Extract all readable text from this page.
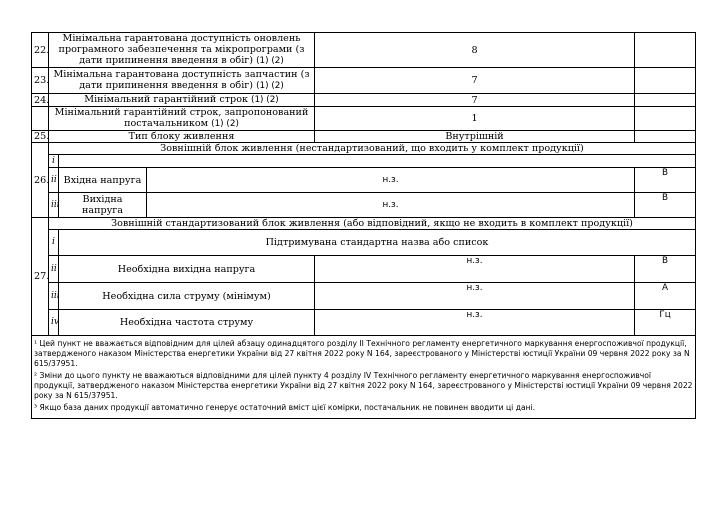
22.	Мінімальна гарантована доступність оновлень програмного забезпечення та мікропрограми (з дати припинення введення в обіг) (1) (2)			8	
23.	Мінімальна гарантована доступність запчастин (з дати припинення введення в обіг) (1) (2)			7	
24.	Мінімальний гарантійний строк (1) (2)			7	
	Мінімальний гарантійний строк, запропонований постачальником (1) (2)			1	
25.	Тип блоку живлення			Внутрішній	
26.	Зовнішній блок живлення (нестандартизований, що входить у комплект продукції)				
	i				
	ii	Вхідна напруга	н.з.		В
	iii	Вихідна напруга	н.з.		В
27.	Зовнішній стандартизований блок живлення (або відповідний, якщо не входить в комплект продукції)				
	i	Підтримувана стандартна назва або список			
	ii	Необхідна вихідна напруга		н.з.	В
	iii	Необхідна сила струму (мінімум)		н.з.	А
	iv	Необхідна частота струму		н.з.	Гц

¹ Цей пункт не вважається відповідним для цілей абзацу одинадцятого розділу II Технічного регламенту енергетичного маркування енергоспоживчої продукції, затвердженого наказом Міністерства енергетики України від 27 квітня 2022 року N 164, зареєстрованого у Міністерстві юстиції України 09 червня 2022 року за N 615/37951.

² Зміни до цього пункту не вважаються відповідними для цілей пункту 4 розділу IV Технічного регламенту енергетичного маркування енергоспоживчої продукції, затвердженого наказом Міністерства енергетики України від 27 квітня 2022 року N 164, зареєстрованого у Міністерстві юстиції України 09 червня 2022 року за N 615/37951.

³ Якщо база даних продукції автоматично генерує остаточний вміст цієї комірки, постачальник не повинен вводити ці дані.					
